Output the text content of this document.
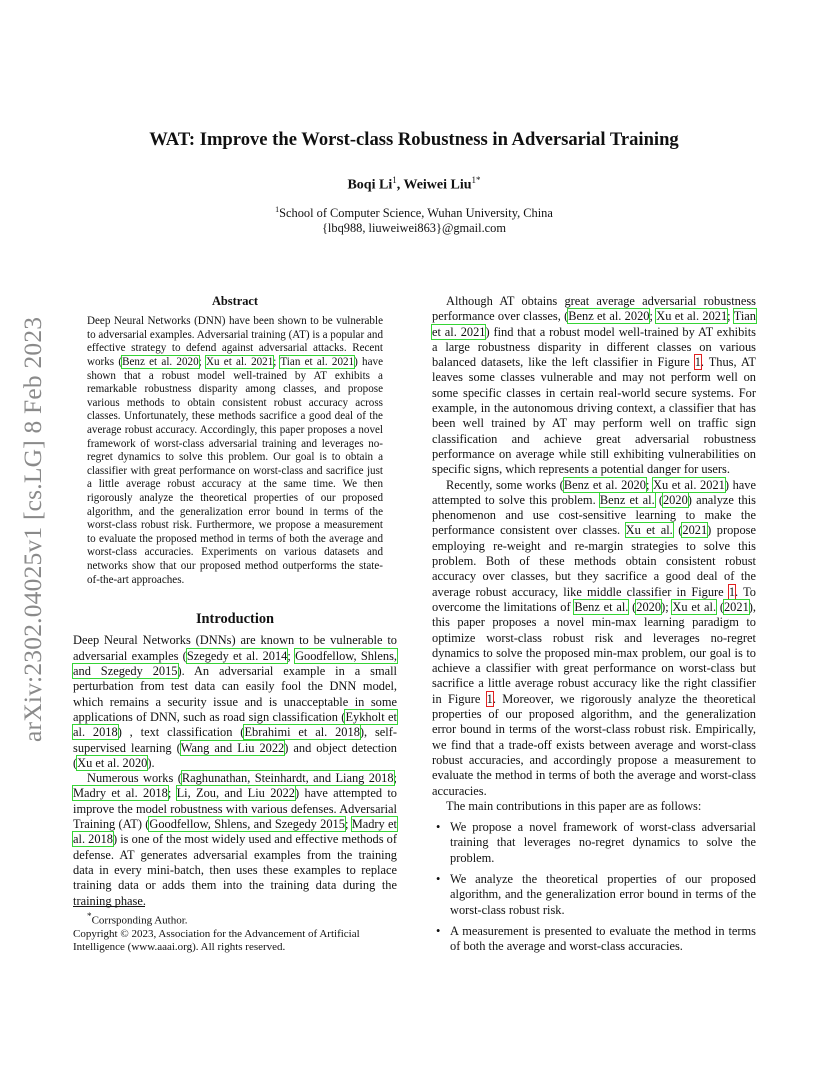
arXiv:2302.04025v1 [cs.LG] 8 Feb 2023
WAT: Improve the Worst-class Robustness in Adversarial Training
Boqi Li$^1$, Weiwei Liu$^{1*}$
$^1$School of Computer Science, Wuhan University, China
{lbq988, liuweiwei863}@gmail.com
Abstract
Deep Neural Networks (DNN) have been shown to be vulnerable to adversarial examples. Adversarial training (AT) is a popular and effective strategy to defend against adversarial attacks. Recent works (Benz et al. 2020; Xu et al. 2021; Tian et al. 2021) have shown that a robust model well-trained by AT exhibits a remarkable robustness disparity among classes, and propose various methods to obtain consistent robust accuracy across classes. Unfortunately, these methods sacrifice a good deal of the average robust accuracy. Accordingly, this paper proposes a novel framework of worst-class adversarial training and leverages no-regret dynamics to solve this problem. Our goal is to obtain a classifier with great performance on worst-class and sacrifice just a little average robust accuracy at the same time. We then rigorously analyze the theoretical properties of our proposed algorithm, and the generalization error bound in terms of the worst-class robust risk. Furthermore, we propose a measurement to evaluate the proposed method in terms of both the average and worst-class accuracies. Experiments on various datasets and networks show that our proposed method outperforms the state-of-the-art approaches.
Introduction

Deep Neural Networks (DNNs) are known to be vulnerable to adversarial examples (Szegedy et al. 2014; Goodfellow, Shlens, and Szegedy 2015). An adversarial example in a small perturbation from test data can easily fool the DNN model, which remains a security issue and is unacceptable in some applications of DNN, such as road sign classification (Eykholt et al. 2018) , text classification (Ebrahimi et al. 2018), self-supervised learning (Wang and Liu 2022) and object detection (Xu et al. 2020).

Numerous works (Raghunathan, Steinhardt, and Liang 2018; Madry et al. 2018; Li, Zou, and Liu 2022) have attempted to improve the model robustness with various defenses. Adversarial Training (AT) (Goodfellow, Shlens, and Szegedy 2015; Madry et al. 2018) is one of the most widely used and effective methods of defense. AT generates adversarial examples from the training data in every mini-batch, then uses these examples to replace training data or adds them into the training data during the training phase.

*Corrsponding Author.
Copyright © 2023, Association for the Advancement of Artificial Intelligence (www.aaai.org). All rights reserved.

Although AT obtains great average adversarial robustness performance over classes, (Benz et al. 2020; Xu et al. 2021; Tian et al. 2021) find that a robust model well-trained by AT exhibits a large robustness disparity in different classes on various balanced datasets, like the left classifier in Figure 1. Thus, AT leaves some classes vulnerable and may not perform well on some specific classes in certain real-world secure systems. For example, in the autonomous driving context, a classifier that has been well trained by AT may perform well on traffic sign classification and achieve great adversarial robustness performance on average while still exhibiting vulnerabilities on specific signs, which represents a potential danger for users.

Recently, some works (Benz et al. 2020; Xu et al. 2021) have attempted to solve this problem. Benz et al. (2020) analyze this phenomenon and use cost-sensitive learning to make the performance consistent over classes. Xu et al. (2021) propose employing re-weight and re-margin strategies to solve this problem. Both of these methods obtain consistent robust accuracy over classes, but they sacrifice a good deal of the average robust accuracy, like middle classifier in Figure 1. To overcome the limitations of Benz et al. (2020); Xu et al. (2021), this paper proposes a novel min-max learning paradigm to optimize worst-class robust risk and leverages no-regret dynamics to solve the proposed min-max problem, our goal is to achieve a classifier with great performance on worst-class but sacrifice a little average robust accuracy like the right classifier in Figure 1. Moreover, we rigorously analyze the theoretical properties of our proposed algorithm, and the generalization error bound in terms of the worst-class robust risk. Empirically, we find that a trade-off exists between average and worst-class robust accuracies, and accordingly propose a measurement to evaluate the method in terms of both the average and worst-class accuracies.

The main contributions in this paper are as follows:

• We propose a novel framework of worst-class adversarial training that leverages no-regret dynamics to solve the problem.
• We analyze the theoretical properties of our proposed algorithm, and the generalization error bound in terms of the worst-class robust risk.
• A measurement is presented to evaluate the method in terms of both the average and worst-class accuracies.
